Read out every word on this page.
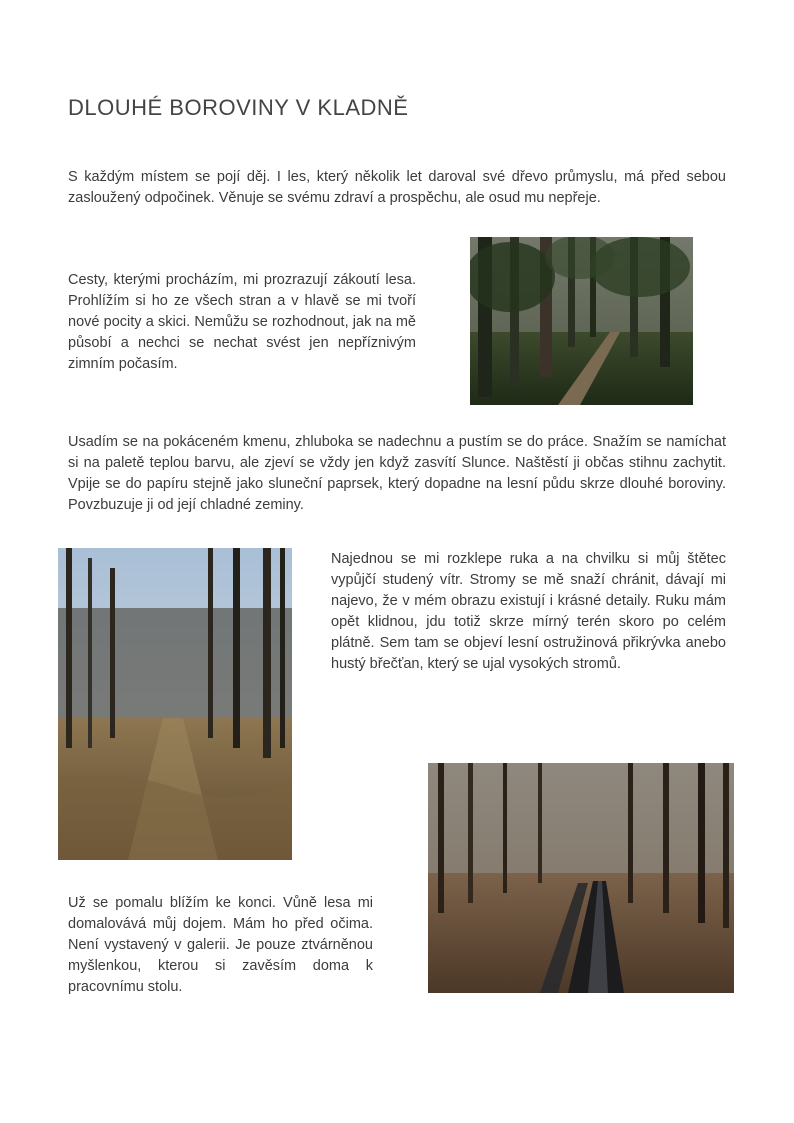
DLOUHÉ BOROVINY V KLADNĚ

S každým místem se pojí děj. I les, který několik let daroval své dřevo průmyslu, má před sebou zasloužený odpočinek. Věnuje se svému zdraví a prospěchu, ale osud mu nepřeje.

Cesty, kterými procházím, mi prozrazují zákoutí lesa. Prohlížím si ho ze všech stran a v hlavě se mi tvoří nové pocity a skici. Nemůžu se rozhodnout, jak na mě působí a nechci se nechat svést jen nepříznivým zimním počasím.

Usadím se na pokáceném kmenu, zhluboka se nadechnu a pustím se do práce. Snažím se namíchat si na paletě teplou barvu, ale zjeví se vždy jen když zasvítí Slunce. Naštěstí ji občas stihnu zachytit. Vpije se do papíru stejně jako sluneční paprsek, který dopadne na lesní půdu skrze dlouhé boroviny. Povzbuzuje ji od její chladné zeminy.

Najednou se mi rozklepe ruka a na chvilku si můj štětec vypůjčí studený vítr. Stromy se mě snaží chránit, dávají mi najevo, že v mém obrazu existují i krásné detaily. Ruku mám opět klidnou, jdu totiž skrze mírný terén skoro po celém plátně. Sem tam se objeví lesní ostružinová přikrývka anebo hustý břečťan, který se ujal vysokých stromů.

Už se pomalu blížím ke konci. Vůně lesa mi domalovává můj dojem. Mám ho před očima. Není vystavený v galerii. Je pouze ztvárněnou myšlenkou, kterou si zavěsím doma k pracovnímu stolu.
